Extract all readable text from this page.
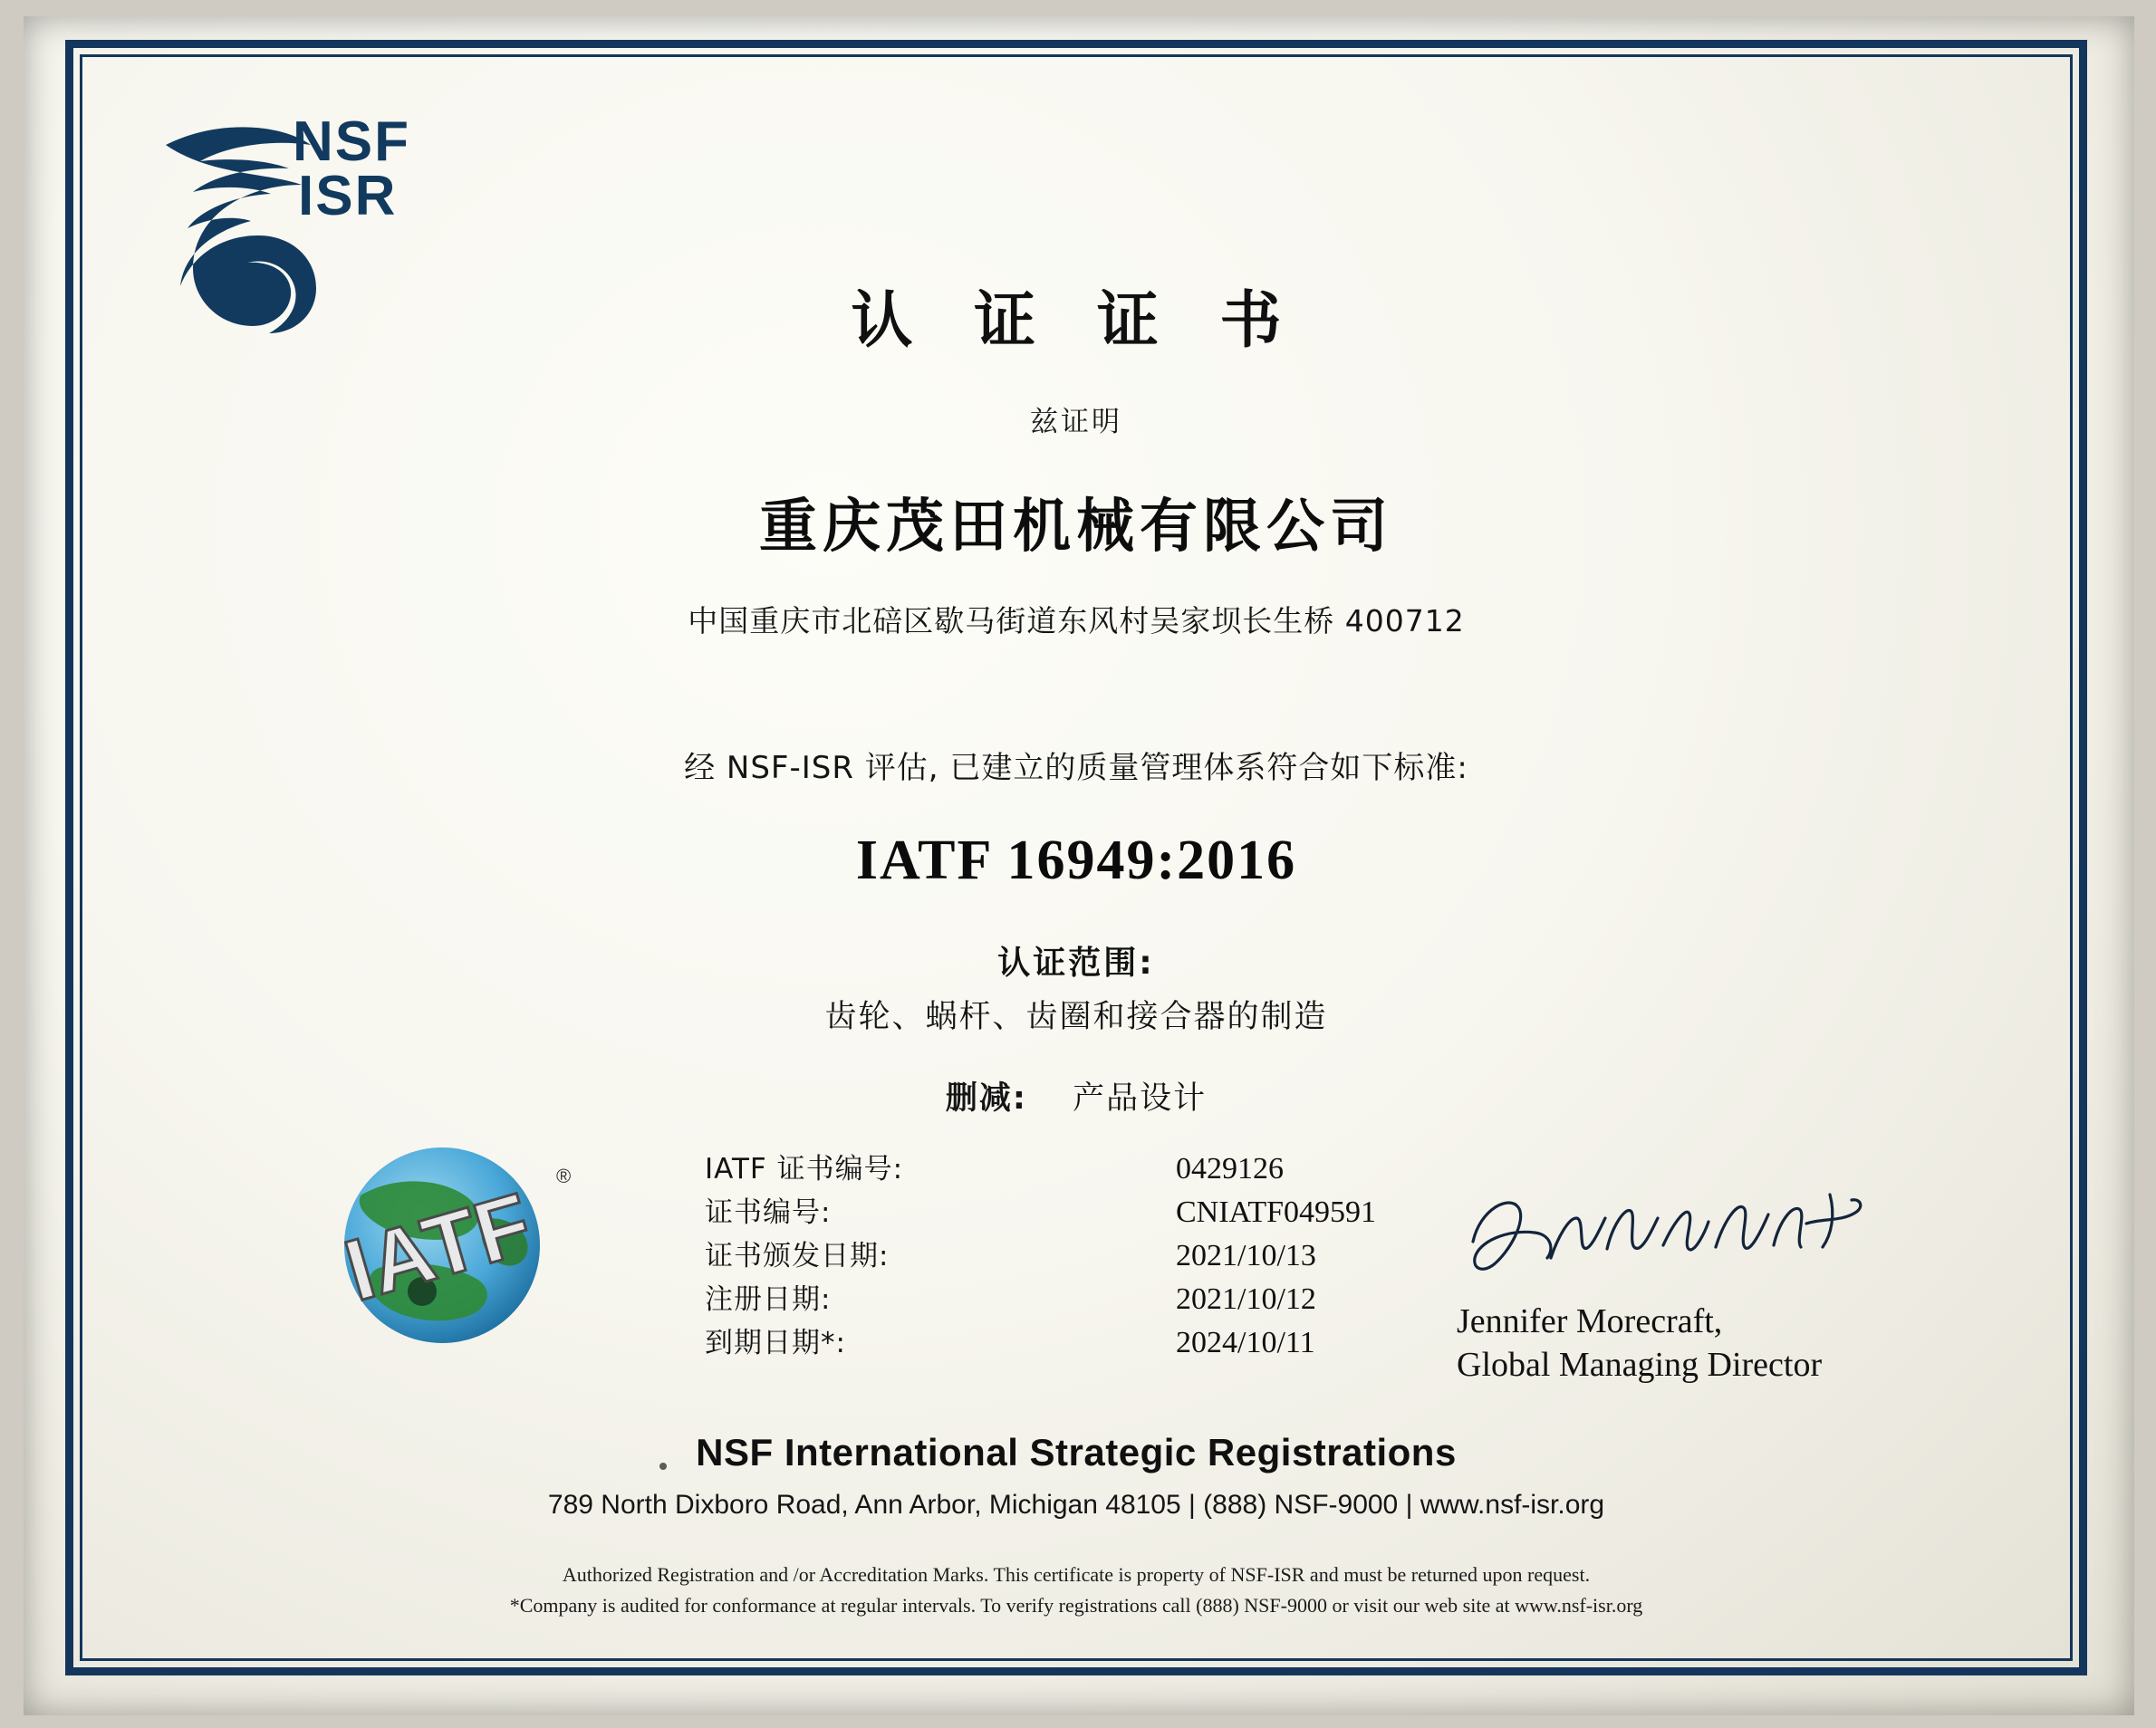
NSF
ISR
认 证 证 书
兹证明
重庆茂田机械有限公司
中国重庆市北碚区歇马街道东风村吴家坝长生桥 400712
经 NSF-ISR 评估, 已建立的质量管理体系符合如下标准:
IATF 16949:2016
认证范围:
齿轮、蜗杆、齿圈和接合器的制造
删减: 产品设计
IATF ®	IATF 证书编号:	0429126
证书编号:	CNIATF049591
证书颁发日期:	2021/10/13
注册日期:	2021/10/12
到期日期*:	2024/10/11
Jennifer Morecraft,
Global Managing Director
NSF International Strategic Registrations
789 North Dixboro Road, Ann Arbor, Michigan 48105 | (888) NSF-9000 | www.nsf-isr.org
Authorized Registration and /or Accreditation Marks. This certificate is property of NSF-ISR and must be returned upon request.
*Company is audited for conformance at regular intervals. To verify registrations call (888) NSF-9000 or visit our web site at www.nsf-isr.org
